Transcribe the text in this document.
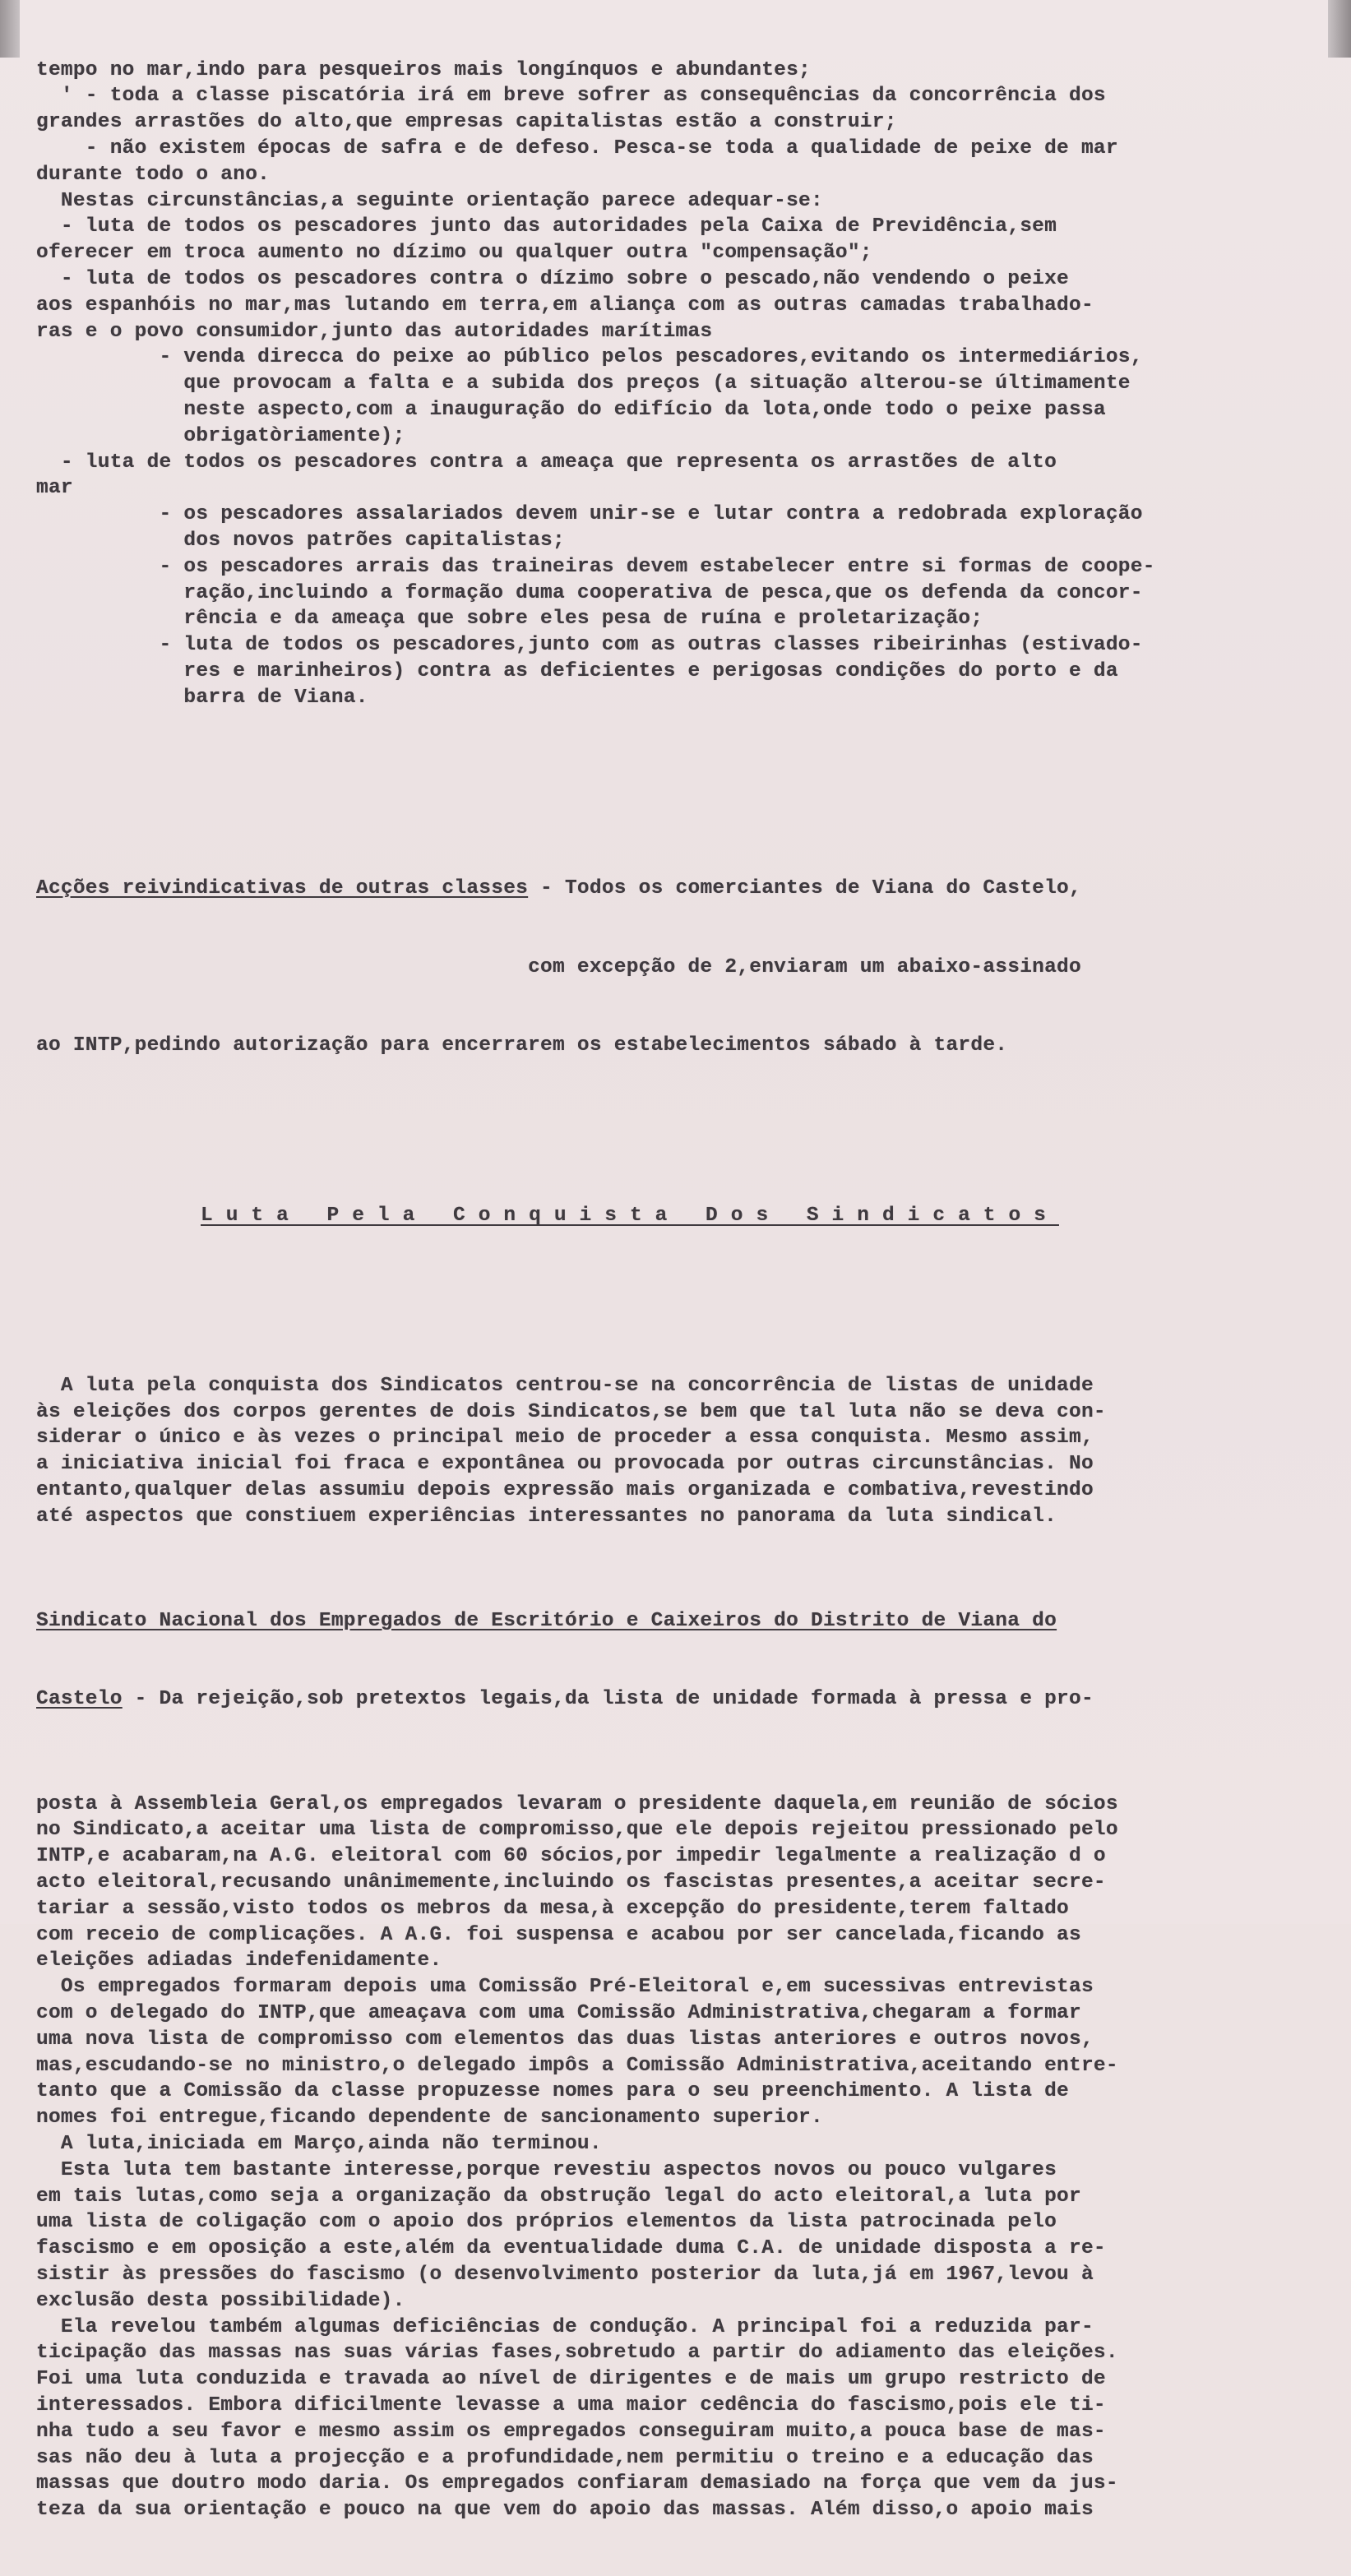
tempo no mar,indo para pesqueiros mais longínquos e abundantes;
' - toda a classe piscatória irá em breve sofrer as consequências da concorrência dos
grandes arrastões do alto,que empresas capitalistas estão a construir;
- não existem épocas de safra e de defeso. Pesca-se toda a qualidade de peixe de mar
durante todo o ano.
Nestas circunstâncias,a seguinte orientação parece adequar-se:
- luta de todos os pescadores junto das autoridades pela Caixa de Previdência,sem
oferecer em troca aumento no dízimo ou qualquer outra "compensação";
- luta de todos os pescadores contra o dízimo sobre o pescado,não vendendo o peixe
aos espanhóis no mar,mas lutando em terra,em aliança com as outras camadas trabalhado-
ras e o povo consumidor,junto das autoridades marítimas
- venda direcca do peixe ao público pelos pescadores,evitando os intermediários,
que provocam a falta e a subida dos preços (a situação alterou-se últimamente
neste aspecto,com a inauguração do edifício da lota,onde todo o peixe passa
obrigatòriamente);
- luta de todos os pescadores contra a ameaça que representa os arrastões de alto
mar
- os pescadores assalariados devem unir-se e lutar contra a redobrada exploração
dos novos patrões capitalistas;
- os pescadores arrais das traineiras devem estabelecer entre si formas de coope-
ração,incluindo a formação duma cooperativa de pesca,que os defenda da concor-
rência e da ameaça que sobre eles pesa de ruína e proletarização;
- luta de todos os pescadores,junto com as outras classes ribeirinhas (estivado-
res e marinheiros) contra as deficientes e perigosas condições do porto e da
barra de Viana.

Acções reivindicativas de outras classes - Todos os comerciantes de Viana do Castelo,

com excepção de 2,enviaram um abaixo-assinado

ao INTP,pedindo autorização para encerrarem os estabelecimentos sábado à tarde.

Luta Pela Conquista Dos Sindicatos

A luta pela conquista dos Sindicatos centrou-se na concorrência de listas de unidade
às eleições dos corpos gerentes de dois Sindicatos,se bem que tal luta não se deva con-
siderar o único e às vezes o principal meio de proceder a essa conquista. Mesmo assim,
a iniciativa inicial foi fraca e expontânea ou provocada por outras circunstâncias. No
entanto,qualquer delas assumiu depois expressão mais organizada e combativa,revestindo
até aspectos que constiuem experiências interessantes no panorama da luta sindical.

Sindicato Nacional dos Empregados de Escritório e Caixeiros do Distrito de Viana do

Castelo - Da rejeição,sob pretextos legais,da lista de unidade formada à pressa e pro-

posta à Assembleia Geral,os empregados levaram o presidente daquela,em reunião de sócios
no Sindicato,a aceitar uma lista de compromisso,que ele depois rejeitou pressionado pelo
INTP,e acabaram,na A.G. eleitoral com 60 sócios,por impedir legalmente a realização d o
acto eleitoral,recusando unânimemente,incluindo os fascistas presentes,a aceitar secre-
tariar a sessão,visto todos os mebros da mesa,à excepção do presidente,terem faltado
com receio de complicações. A A.G. foi suspensa e acabou por ser cancelada,ficando as
eleições adiadas indefenidamente.
Os empregados formaram depois uma Comissão Pré-Eleitoral e,em sucessivas entrevistas
com o delegado do INTP,que ameaçava com uma Comissão Administrativa,chegaram a formar
uma nova lista de compromisso com elementos das duas listas anteriores e outros novos,
mas,escudando-se no ministro,o delegado impôs a Comissão Administrativa,aceitando entre-
tanto que a Comissão da classe propuzesse nomes para o seu preenchimento. A lista de
nomes foi entregue,ficando dependente de sancionamento superior.
A luta,iniciada em Março,ainda não terminou.
Esta luta tem bastante interesse,porque revestiu aspectos novos ou pouco vulgares
em tais lutas,como seja a organização da obstrução legal do acto eleitoral,a luta por
uma lista de coligação com o apoio dos próprios elementos da lista patrocinada pelo
fascismo e em oposição a este,além da eventualidade duma C.A. de unidade disposta a re-
sistir às pressões do fascismo (o desenvolvimento posterior da luta,já em 1967,levou à
exclusão desta possibilidade).
Ela revelou também algumas deficiências de condução. A principal foi a reduzida par-
ticipação das massas nas suas várias fases,sobretudo a partir do adiamento das eleições.
Foi uma luta conduzida e travada ao nível de dirigentes e de mais um grupo restricto de
interessados. Embora dificilmente levasse a uma maior cedência do fascismo,pois ele ti-
nha tudo a seu favor e mesmo assim os empregados conseguiram muito,a pouca base de mas-
sas não deu à luta a projecção e a profundidade,nem permitiu o treino e a educação das
massas que doutro modo daria. Os empregados confiaram demasiado na força que vem da jus-
teza da sua orientação e pouco na que vem do apoio das massas. Além disso,o apoio mais
